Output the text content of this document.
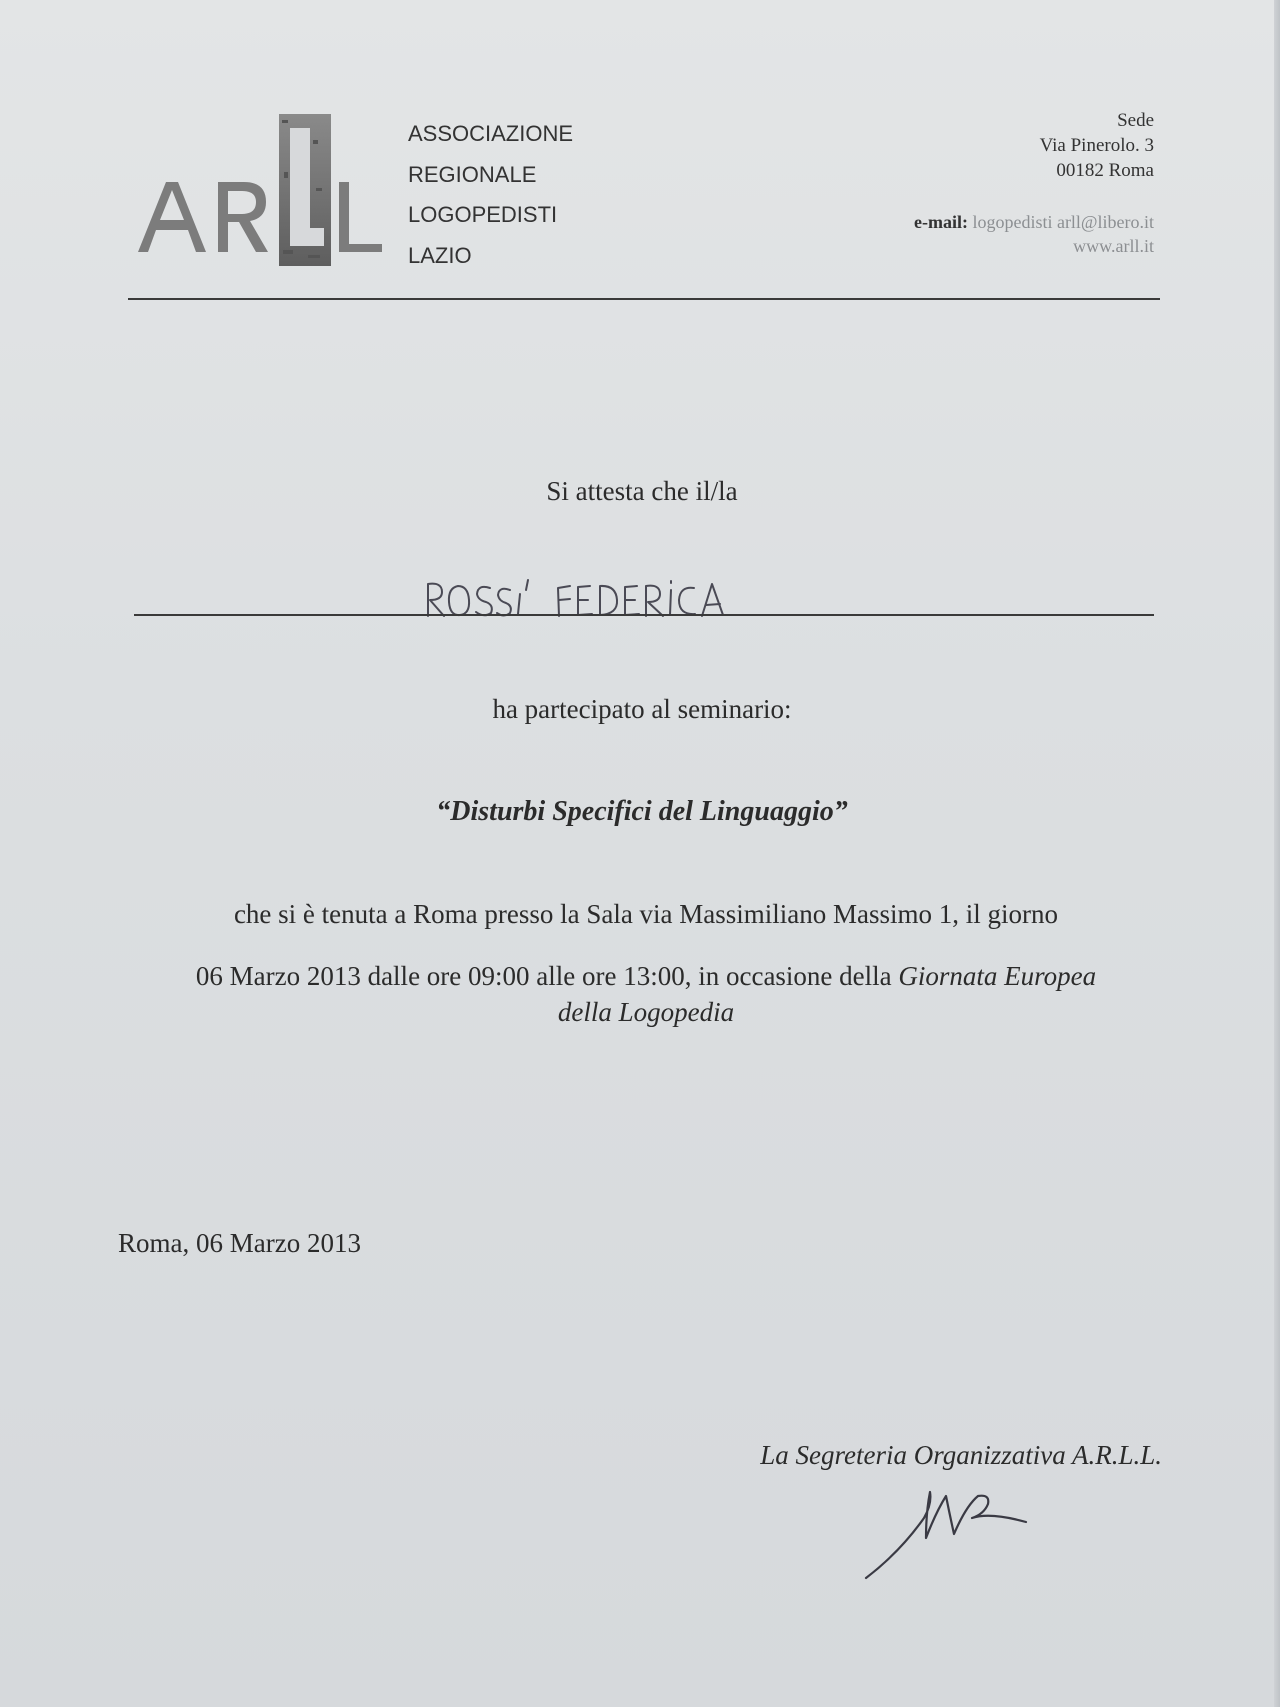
ASSOCIAZIONE
REGIONALE
LOGOPEDISTI
LAZIO
Sede
Via Pinerolo. 3
00182 Roma
e-mail: logopedisti arll@libero.it
www.arll.it
Si attesta che il/la
ha partecipato al seminario:
“Disturbi Specifici del Linguaggio”
che si è tenuta a Roma presso la Sala via Massimiliano Massimo 1, il giorno
06 Marzo 2013 dalle ore 09:00 alle ore 13:00, in occasione della Giornata Europea
della Logopedia
Roma, 06 Marzo 2013
La Segreteria Organizzativa A.R.L.L.
